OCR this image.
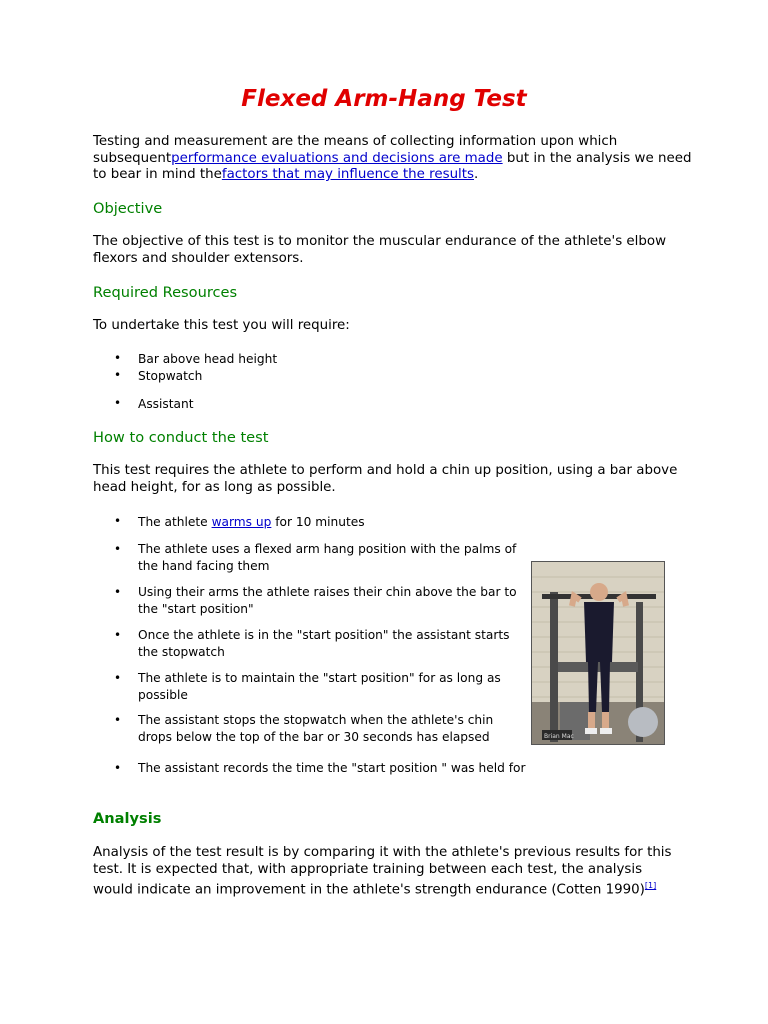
Flexed Arm-Hang Test

Testing and measurement are the means of collecting information upon which subsequentperformance evaluations and decisions are made but in the analysis we need to bear in mind thefactors that may influence the results.

Objective

The objective of this test is to monitor the muscular endurance of the athlete's elbow flexors and shoulder extensors.

Required Resources

To undertake this test you will require:

• Bar above head height
• Stopwatch
• Assistant
How to conduct the test

This test requires the athlete to perform and hold a chin up position, using a bar above head height, for as long as possible.

• The athlete warms up for 10 minutes
• The athlete uses a flexed arm hang position with the palms of the hand facing them
• Using their arms the athlete raises their chin above the bar to the "start position"
• Once the athlete is in the "start position" the assistant starts the stopwatch
• The athlete is to maintain the "start position" for as long as possible
• The assistant stops the stopwatch when the athlete's chin drops below the top of the bar or 30 seconds has elapsed
• The assistant records the time the "start position " was held for
Brian Mac
Analysis

Analysis of the test result is by comparing it with the athlete's previous results for this test. It is expected that, with appropriate training between each test, the analysis would indicate an improvement in the athlete's strength endurance (Cotten 1990)[1]
